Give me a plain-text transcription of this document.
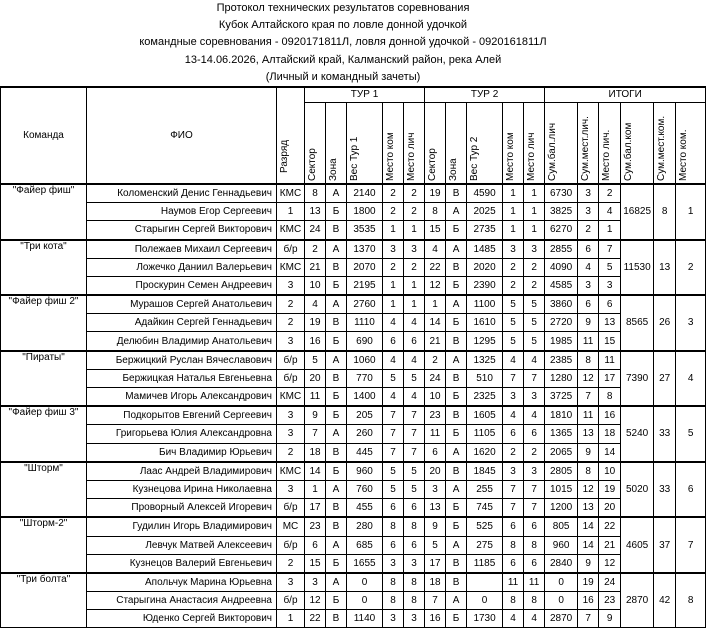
Протокол технических результатов соревнования
Кубок Алтайского края по ловле донной удочкой
командные соревнования - 0920171811Л, ловля донной удочкой - 0920161811Л
13-14.06.2026, Алтайский край, Калманский район, река Алей
(Личный и командный зачеты)
Команда	ФИО	Разряд	ТУР 1					ТУР 2					ИТОГИ					

			Сектор	Зона	Вес Тур 1	Место ком	Место лич	Сектор	Зона	Вес Тур 2	Место ком	Место лич	Сум.бал.лич	Сум.мест.лич.	Место лич.	Сум.бал.ком	Сум.мест.ком.	Место ком.

"Файер фиш"	Коломенский Денис Геннадьевич	КМС	8	А	2140	2	2	19	В	4590	1	1	6730	3	2	16825	8	1
	Наумов Егор Сергеевич	1	13	Б	1800	2	2	8	А	2025	1	1	3825	3	4			
	Старыгин Сергей Викторович	КМС	24	В	3535	1	1	15	Б	2735	1	1	6270	2	1			
"Три кота"	Полежаев Михаил Сергеевич	б/р	2	А	1370	3	3	4	А	1485	3	3	2855	6	7	11530	13	2
	Ложечко Даниил Валерьевич	КМС	21	В	2070	2	2	22	В	2020	2	2	4090	4	5			
	Проскурин Семен Андреевич	3	10	Б	2195	1	1	12	Б	2390	2	2	4585	3	3			
"Файер фиш 2"	Мурашов Сергей Анатольевич	2	4	А	2760	1	1	1	А	1100	5	5	3860	6	6	8565	26	3
	Адайкин Сергей Геннадьевич	2	19	В	1110	4	4	14	Б	1610	5	5	2720	9	13			
	Делюбин Владимир Анатольевич	3	16	Б	690	6	6	21	В	1295	5	5	1985	11	15			
"Пираты"	Бержицкий Руслан Вячеславович	б/р	5	А	1060	4	4	2	А	1325	4	4	2385	8	11	7390	27	4
	Бержицкая Наталья Евгеньевна	б/р	20	В	770	5	5	24	В	510	7	7	1280	12	17			
	Мамичев Игорь Александрович	КМС	11	Б	1400	4	4	10	Б	2325	3	3	3725	7	8			
"Файер фиш 3"	Подкорытов Евгений Сергеевич	3	9	Б	205	7	7	23	В	1605	4	4	1810	11	16	5240	33	5
	Григорьева Юлия Александровна	3	7	А	260	7	7	11	Б	1105	6	6	1365	13	18			
	Бич Владимир Юрьевич	2	18	В	445	7	7	6	А	1620	2	2	2065	9	14			
"Шторм"	Лаас Андрей Владимирович	КМС	14	Б	960	5	5	20	В	1845	3	3	2805	8	10	5020	33	6
	Кузнецова Ирина Николаевна	3	1	А	760	5	5	3	А	255	7	7	1015	12	19			
	Проворный Алексей Игоревич	б/р	17	В	455	6	6	13	Б	745	7	7	1200	13	20			
"Шторм-2"	Гудилин Игорь Владимирович	МС	23	В	280	8	8	9	Б	525	6	6	805	14	22	4605	37	7
	Левчук Матвей Алексеевич	б/р	6	А	685	6	6	5	А	275	8	8	960	14	21			
	Кузнецов Валерий Евгеньевич	2	15	Б	1655	3	3	17	В	1185	6	6	2840	9	12			
"Три болта"	Апольчук Марина Юрьевна	3	3	А	0	8	8	18	В		11	11	0	19	24	2870	42	8
	Старыгина Анастасия Андреевна	б/р	12	Б	0	8	8	7	А	0	8	8	0	16	23			
	Юденко Сергей Викторович	1	22	В	1140	3	3	16	Б	1730	4	4	2870	7	9			
